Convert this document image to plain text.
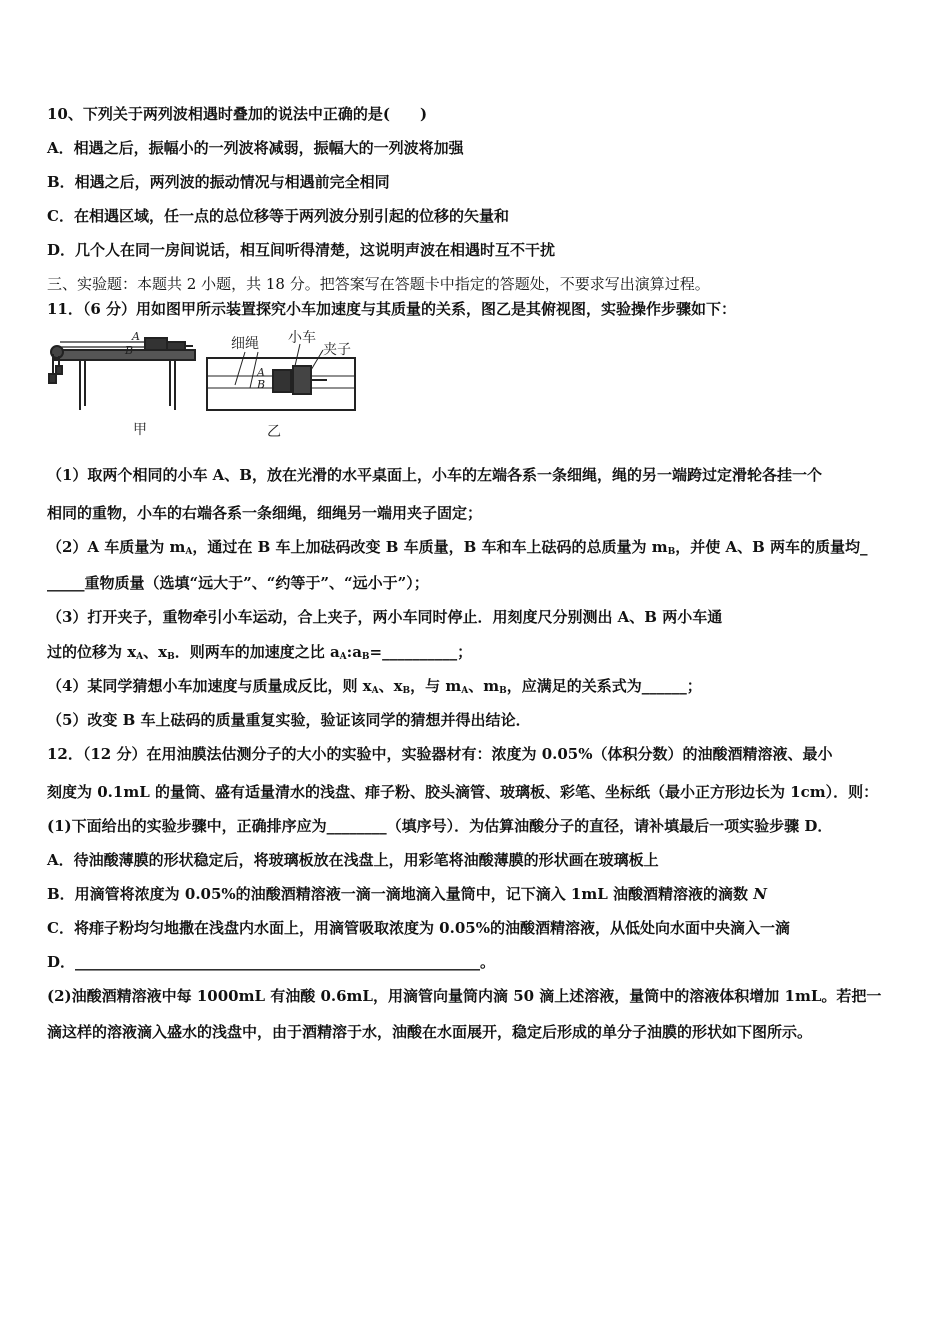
10、下列关于两列波相遇时叠加的说法中正确的是(　　)
A．相遇之后，振幅小的一列波将减弱，振幅大的一列波将加强
B．相遇之后，两列波的振动情况与相遇前完全相同
C．在相遇区域，任一点的总位移等于两列波分别引起的位移的矢量和
D．几个人在同一房间说话，相互间听得清楚，这说明声波在相遇时互不干扰
三、实验题：本题共 2 小题，共 18 分。把答案写在答题卡中指定的答题处，不要求写出演算过程。
11．（6 分）用如图甲所示装置探究小车加速度与其质量的关系，图乙是其俯视图，实验操作步骤如下：
A
B	细绳 小车
夹子
A
B
甲	乙
（1）取两个相同的小车 A、B，放在光滑的水平桌面上，小车的左端各系一条细绳，绳的另一端跨过定滑轮各挂一个
相同的重物，小车的右端各系一条细绳，细绳另一端用夹子固定；
（2）A 车质量为 $m_A$，通过在 B 车上加砝码改变 B 车质量，B 车和车上砝码的总质量为 $m_B$，并使 A、B 两车的质量均_
_____重物质量（选填“远大于”、“约等于”、“远小于”）；
（3）打开夹子，重物牵引小车运动，合上夹子，两小车同时停止．用刻度尺分别测出 A、B 两小车通
过的位移为 $x_A$、$x_B$．则两车的加速度之比 $a_A:a_B=\_\_\_\_\_\_\_\_\_\_$；
（4）某同学猜想小车加速度与质量成反比，则 $x_A$、$x_B$，与 $m_A$、$m_B$，应满足的关系式为______；
（5）改变 B 车上砝码的质量重复实验，验证该同学的猜想并得出结论．
12．（12 分）在用油膜法估测分子的大小的实验中，实验器材有：浓度为 0.05%（体积分数）的油酸酒精溶液、最小
刻度为 0.1mL 的量筒、盛有适量清水的浅盘、痱子粉、胶头滴管、玻璃板、彩笔、坐标纸（最小正方形边长为 1cm）．则：
(1)下面给出的实验步骤中，正确排序应为________（填序号）．为估算油酸分子的直径，请补填最后一项实验步骤 D．
A．待油酸薄膜的形状稳定后，将玻璃板放在浅盘上，用彩笔将油酸薄膜的形状画在玻璃板上
B．用滴管将浓度为 0.05%的油酸酒精溶液一滴一滴地滴入量筒中，记下滴入 1mL 油酸酒精溶液的滴数 N
C．将痱子粉均匀地撒在浅盘内水面上，用滴管吸取浓度为 0.05%的油酸酒精溶液，从低处向水面中央滴入一滴
D．______________________________________________________。
(2)油酸酒精溶液中每 1000mL 有油酸 0.6mL，用滴管向量筒内滴 50 滴上述溶液，量筒中的溶液体积增加 1mL。若把一
滴这样的溶液滴入盛水的浅盘中，由于酒精溶于水，油酸在水面展开，稳定后形成的单分子油膜的形状如下图所示。
